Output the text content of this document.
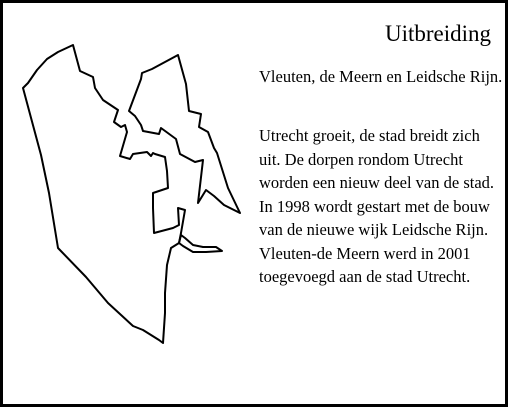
Uitbreiding

Vleuten, de Meern en Leidsche Rijn.

Utrecht groeit, de stad breidt zich uit. De dorpen rondom Utrecht  worden een nieuw deel van de stad. In 1998 wordt gestart met de bouw van de nieuwe wijk Leidsche Rijn. Vleuten-de Meern werd in 2001 toegevoegd aan de stad Utrecht.
